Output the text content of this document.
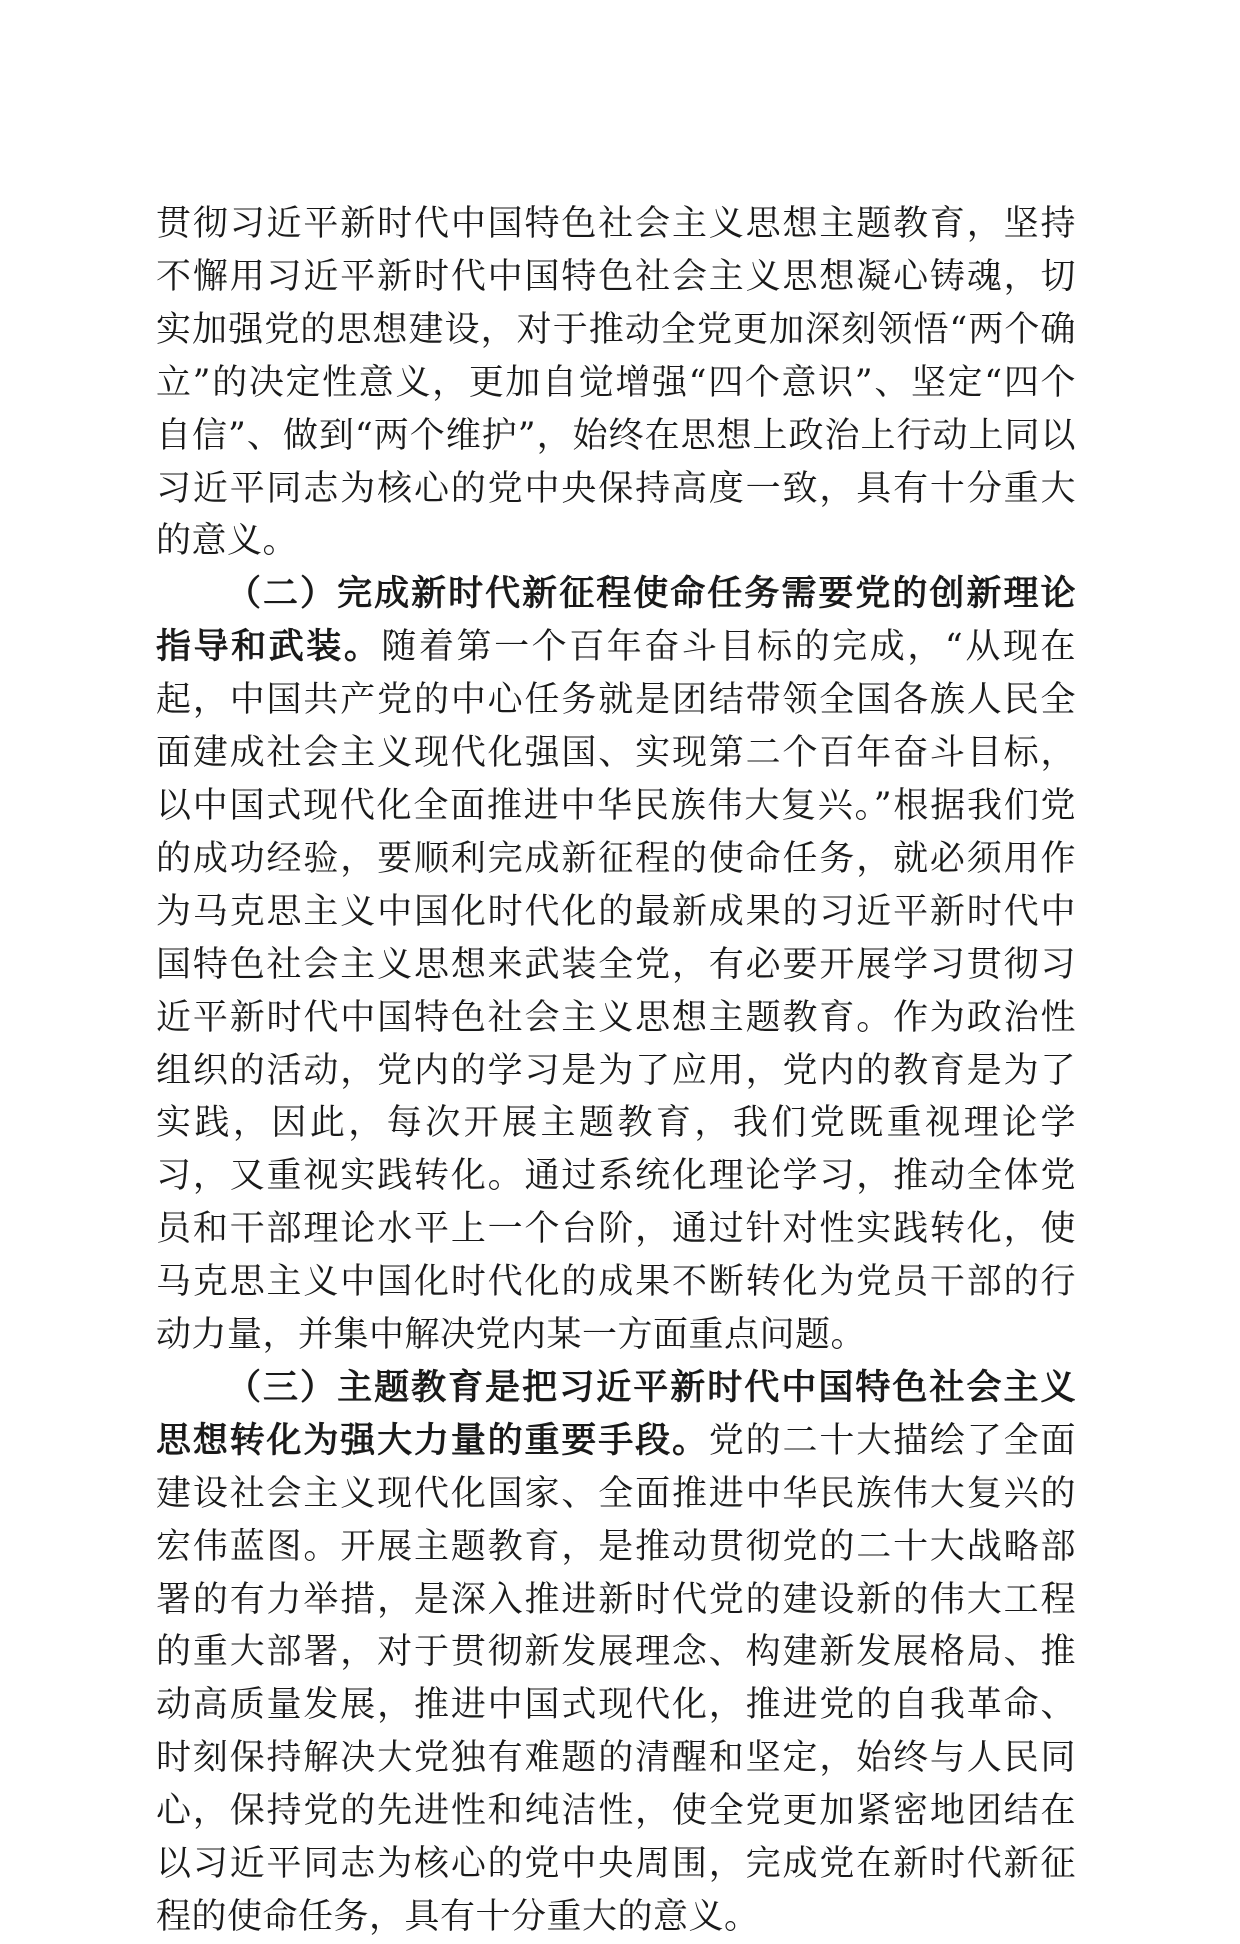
贯彻习近平新时代中国特色社会主义思想主题教育，坚持不懈用习近平新时代中国特色社会主义思想凝心铸魂，切实加强党的思想建设，对于推动全党更加深刻领悟“两个确立”的决定性意义，更加自觉增强“四个意识”、坚定“四个自信”、做到“两个维护”，始终在思想上政治上行动上同以习近平同志为核心的党中央保持高度一致，具有十分重大的意义。

（二）完成新时代新征程使命任务需要党的创新理论指导和武装。随着第一个百年奋斗目标的完成，“从现在起，中国共产党的中心任务就是团结带领全国各族人民全面建成社会主义现代化强国、实现第二个百年奋斗目标，以中国式现代化全面推进中华民族伟大复兴。”根据我们党的成功经验，要顺利完成新征程的使命任务，就必须用作为马克思主义中国化时代化的最新成果的习近平新时代中国特色社会主义思想来武装全党，有必要开展学习贯彻习近平新时代中国特色社会主义思想主题教育。作为政治性组织的活动，党内的学习是为了应用，党内的教育是为了实践，因此，每次开展主题教育，我们党既重视理论学习，又重视实践转化。通过系统化理论学习，推动全体党员和干部理论水平上一个台阶，通过针对性实践转化，使马克思主义中国化时代化的成果不断转化为党员干部的行动力量，并集中解决党内某一方面重点问题。

（三）主题教育是把习近平新时代中国特色社会主义思想转化为强大力量的重要手段。党的二十大描绘了全面建设社会主义现代化国家、全面推进中华民族伟大复兴的宏伟蓝图。开展主题教育，是推动贯彻党的二十大战略部署的有力举措，是深入推进新时代党的建设新的伟大工程的重大部署，对于贯彻新发展理念、构建新发展格局、推动高质量发展，推进中国式现代化，推进党的自我革命、时刻保持解决大党独有难题的清醒和坚定，始终与人民同心，保持党的先进性和纯洁性，使全党更加紧密地团结在以习近平同志为核心的党中央周围，完成党在新时代新征程的使命任务，具有十分重大的意义。
